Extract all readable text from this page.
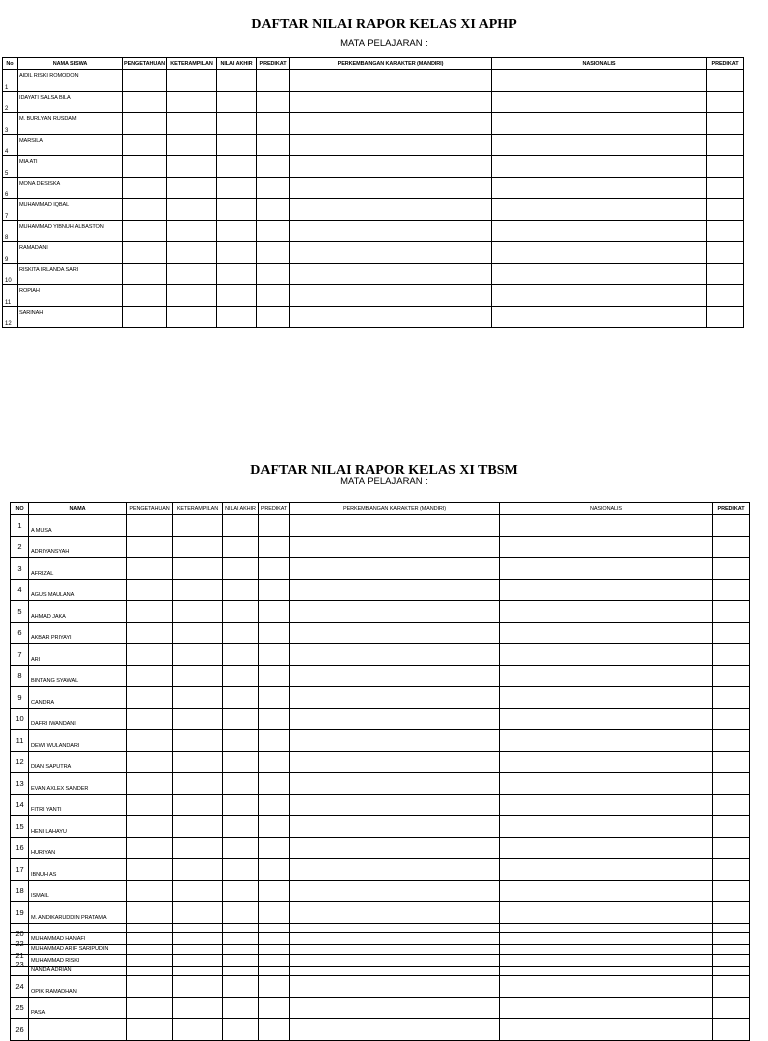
DAFTAR NILAI RAPOR KELAS XI APHP
MATA PELAJARAN :
No	NAMA SISWA	PENGETAHUAN	KETERAMPILAN	NILAI AKHIR	PREDIKAT	PERKEMBANGAN KARAKTER (MANDIRI)	NASIONALIS	PREDIKAT
1	AIDIL RISKI ROMODON							
2	IDAYATI SALSA BILA							
3	M. BURLYAN RUSDAM							
4	MARSILA							
5	MIA ATI							
6	MONA DESISKA							
7	MUHAMMAD IQBAL							
8	MUHAMMAD YIBNUH ALBASTON							
9	RAMADANI							
10	RISKITA IRLANDA SARI							
11	ROPIAH							
12	SARINAH							
DAFTAR NILAI RAPOR KELAS XI TBSM
MATA PELAJARAN :
NO	NAMA	PENGETAHUAN	KETERAMPILAN	NILAI AKHIR	PREDIKAT	PERKEMBANGAN KARAKTER (MANDIRI)	NASIONALIS	PREDIKAT
1	A MUSA							
2	ADRIYANSYAH							
3	AFRIZAL							
4	AGUS MAULANA							
5	AHMAD JAKA							
6	AKBAR PRIYAYI							
7	ARI							
8	BINTANG SYAWAL							
9	CANDRA							
10	DAFRI IWANDANI							
11	DEWI WULANDARI							
12	DIAN SAPUTRA							
13	EVAN AXLEX SANDER							
14	FITRI YANTI							
15	HENI LAHAYU							
16	HURIYAN							
17	IBNUH AS							
18	ISMAIL							
19	M. ANDIKARUDDIN PRATAMA							
20	MUHAMMAD HANAFI							
21	MUHAMMAD RISKI							
22	MUHAMMAD ARIF SARIPUDIN							
23	NANDA ADRIAN							
24	OPIK RAMADHAN							
25	PASA							
26								
